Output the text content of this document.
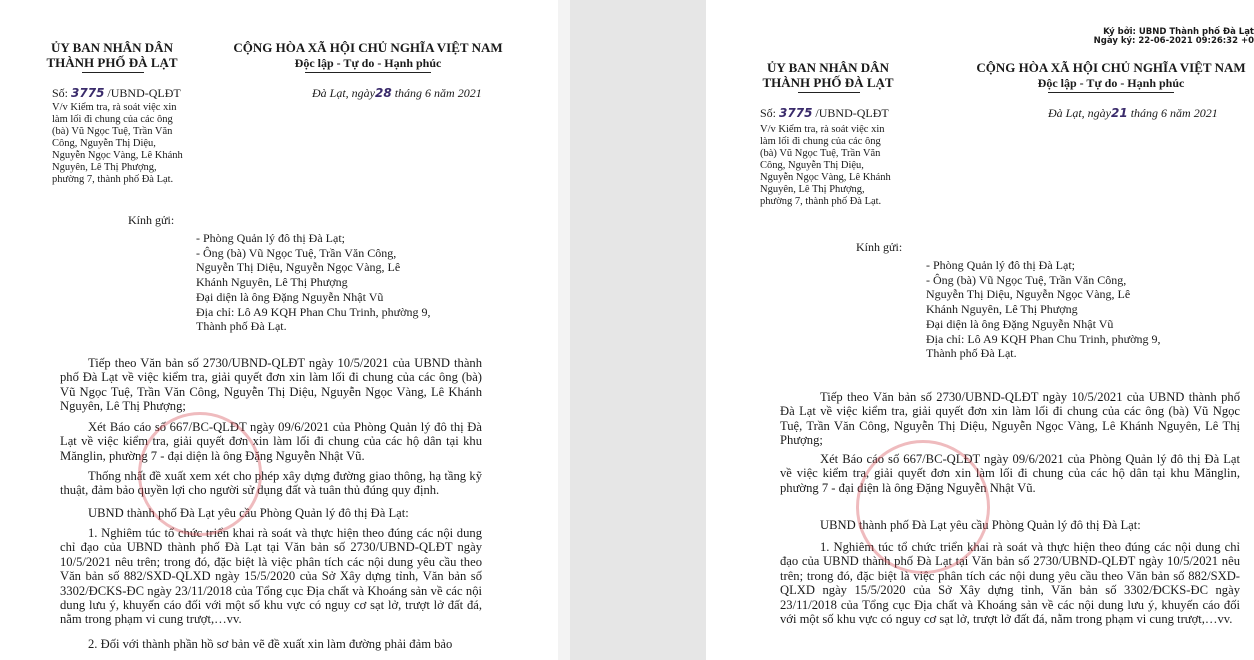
ỦY BAN NHÂN DÂN
THÀNH PHỐ ĐÀ LẠT
CỘNG HÒA XÃ HỘI CHỦ NGHĨA VIỆT NAM
Độc lập - Tự do - Hạnh phúc
Số: 3775 /UBND-QLĐT	Đà Lạt, ngày28 tháng 6 năm 2021
V/v Kiểm tra, rà soát việc xin
làm lối đi chung của các ông
(bà) Vũ Ngọc Tuệ, Trần Văn
Công, Nguyễn Thị Diệu,
Nguyễn Ngọc Vàng, Lê Khánh
Nguyên, Lê Thị Phượng,
phường 7, thành phố Đà Lạt.
Kính gửi:
- Phòng Quản lý đô thị Đà Lạt;
- Ông (bà) Vũ Ngọc Tuệ, Trần Văn Công,
Nguyễn Thị Diệu, Nguyễn Ngọc Vàng, Lê
Khánh Nguyên, Lê Thị Phượng
Đại diện là ông Đặng Nguyễn Nhật Vũ
Địa chỉ: Lô A9 KQH Phan Chu Trinh, phường 9,
Thành phố Đà Lạt.
Tiếp theo Văn bản số 2730/UBND-QLĐT ngày 10/5/2021 của UBND thành phố Đà Lạt về việc kiểm tra, giải quyết đơn xin làm lối đi chung của các ông (bà) Vũ Ngọc Tuệ, Trần Văn Công, Nguyễn Thị Diệu, Nguyễn Ngọc Vàng, Lê Khánh Nguyên, Lê Thị Phượng;
Xét Báo cáo số 667/BC-QLĐT ngày 09/6/2021 của Phòng Quản lý đô thị Đà Lạt về việc kiểm tra, giải quyết đơn xin làm lối đi chung của các hộ dân tại khu Mănglin, phường 7 - đại diện là ông Đặng Nguyễn Nhật Vũ.
Thống nhất đề xuất xem xét cho phép xây dựng đường giao thông, hạ tầng kỹ thuật, đảm bảo quyền lợi cho người sử dụng đất và tuân thủ đúng quy định.
UBND thành phố Đà Lạt yêu cầu Phòng Quản lý đô thị Đà Lạt:
1. Nghiêm túc tổ chức triển khai rà soát và thực hiện theo đúng các nội dung chỉ đạo của UBND thành phố Đà Lạt tại Văn bản số 2730/UBND-QLĐT ngày 10/5/2021 nêu trên; trong đó, đặc biệt là việc phân tích các nội dung yêu cầu theo Văn bản số 882/SXD-QLXD ngày 15/5/2020 của Sở Xây dựng tỉnh, Văn bản số 3302/ĐCKS-ĐC ngày 23/11/2018 của Tổng cục Địa chất và Khoáng sản về các nội dung lưu ý, khuyến cáo đối với một số khu vực có nguy cơ sạt lở, trượt lở đất đá, nằm trong phạm vi cung trượt,…vv.
2. Đối với thành phần hồ sơ bản vẽ đề xuất xin làm đường phải đảm bảo
Ký bởi: UBND Thành phố Đà Lạt
Ngày ký: 22-06-2021 09:26:32 +0
ỦY BAN NHÂN DÂN
THÀNH PHỐ ĐÀ LẠT
CỘNG HÒA XÃ HỘI CHỦ NGHĨA VIỆT NAM
Độc lập - Tự do - Hạnh phúc
Số: 3775 /UBND-QLĐT	Đà Lạt, ngày21 tháng 6 năm 2021
V/v Kiểm tra, rà soát việc xin
làm lối đi chung của các ông
(bà) Vũ Ngọc Tuệ, Trần Văn
Công, Nguyễn Thị Diệu,
Nguyễn Ngọc Vàng, Lê Khánh
Nguyên, Lê Thị Phượng,
phường 7, thành phố Đà Lạt.
Kính gửi:
- Phòng Quản lý đô thị Đà Lạt;
- Ông (bà) Vũ Ngọc Tuệ, Trần Văn Công,
Nguyễn Thị Diệu, Nguyễn Ngọc Vàng, Lê
Khánh Nguyên, Lê Thị Phượng
Đại diện là ông Đặng Nguyễn Nhật Vũ
Địa chỉ: Lô A9 KQH Phan Chu Trinh, phường 9,
Thành phố Đà Lạt.
Tiếp theo Văn bản số 2730/UBND-QLĐT ngày 10/5/2021 của UBND thành phố Đà Lạt về việc kiểm tra, giải quyết đơn xin làm lối đi chung của các ông (bà) Vũ Ngọc Tuệ, Trần Văn Công, Nguyễn Thị Diệu, Nguyễn Ngọc Vàng, Lê Khánh Nguyên, Lê Thị Phượng;
Xét Báo cáo số 667/BC-QLĐT ngày 09/6/2021 của Phòng Quản lý đô thị Đà Lạt về việc kiểm tra, giải quyết đơn xin làm lối đi chung của các hộ dân tại khu Mănglin, phường 7 - đại diện là ông Đặng Nguyễn Nhật Vũ.
UBND thành phố Đà Lạt yêu cầu Phòng Quản lý đô thị Đà Lạt:
1. Nghiêm túc tổ chức triển khai rà soát và thực hiện theo đúng các nội dung chỉ đạo của UBND thành phố Đà Lạt tại Văn bản số 2730/UBND-QLĐT ngày 10/5/2021 nêu trên; trong đó, đặc biệt là việc phân tích các nội dung yêu cầu theo Văn bản số 882/SXD-QLXD ngày 15/5/2020 của Sở Xây dựng tỉnh, Văn bản số 3302/ĐCKS-ĐC ngày 23/11/2018 của Tổng cục Địa chất và Khoáng sản về các nội dung lưu ý, khuyến cáo đối với một số khu vực có nguy cơ sạt lở, trượt lở đất đá, nằm trong phạm vi cung trượt,…vv.
